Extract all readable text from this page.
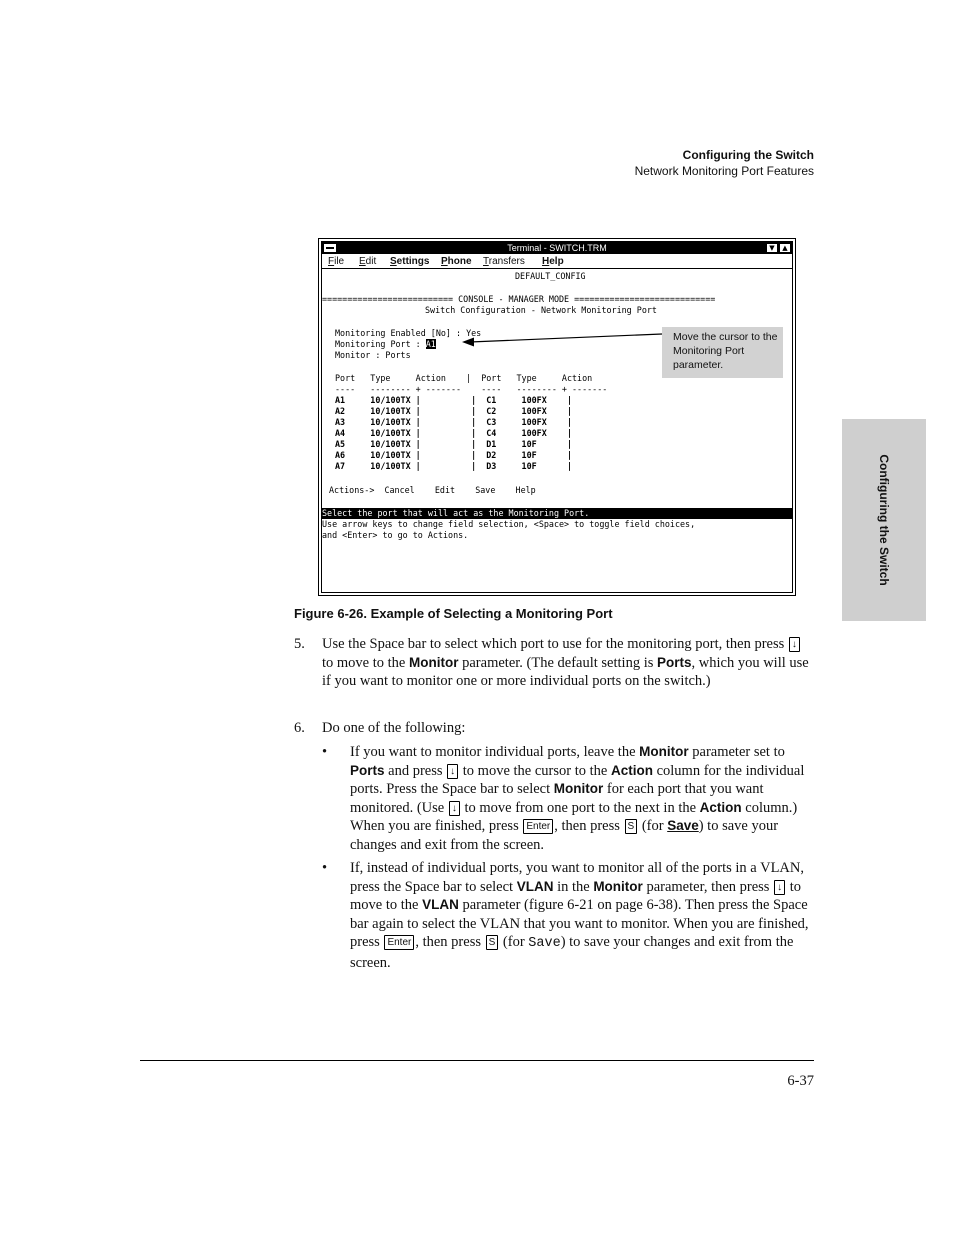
Configuring the Switch
Network Monitoring Port Features
Configuring the Switch
Terminal - SWITCH.TRM	▼	▲
File Edit Settings Phone Transfers Help
DEFAULT_CONFIG
========================== CONSOLE - MANAGER MODE ============================
Switch Configuration - Network Monitoring Port
Monitoring Enabled [No] : Yes
Monitoring Port : A1
Monitor : Ports
Port   Type     Action    |  Port   Type     Action
----   -------- + -------    ----   -------- + -------
A1     10/100TX |          |  C1     100FX    |
A2     10/100TX |          |  C2     100FX    |
A3     10/100TX |          |  C3     100FX    |
A4     10/100TX |          |  C4     100FX    |
A5     10/100TX |          |  D1     10F      |
A6     10/100TX |          |  D2     10F      |
A7     10/100TX |          |  D3     10F      |
Actions->  Cancel    Edit    Save    Help
Select the port that will act as the Monitoring Port.
Use arrow keys to change field selection, <Space> to toggle field choices,
and <Enter> to go to Actions.
Move the cursor to the Monitoring Port parameter.
Figure 6-26. Example of Selecting a Monitoring Port
5. Use the Space bar to select which port to use for the monitoring port, then press ↓ to move to the Monitor parameter. (The default setting is Ports, which you will use if you want to monitor one or more individual ports on the switch.)
6. Do one of the following:
• If you want to monitor individual ports, leave the Monitor parameter set to Ports and press ↓ to move the cursor to the Action column for the individual ports. Press the Space bar to select Monitor for each port that you want monitored. (Use ↓ to move from one port to the next in the Action column.) When you are finished, press Enter , then press S (for Save) to save your changes and exit from the screen.
• If, instead of individual ports, you want to monitor all of the ports in a VLAN, press the Space bar to select VLAN in the Monitor parameter, then press ↓ to move to the VLAN parameter (figure 6-21 on page 6-38). Then press the Space bar again to select the VLAN that you want to monitor. When you are finished, press Enter , then press S (for Save) to save your changes and exit from the screen.
6-37
